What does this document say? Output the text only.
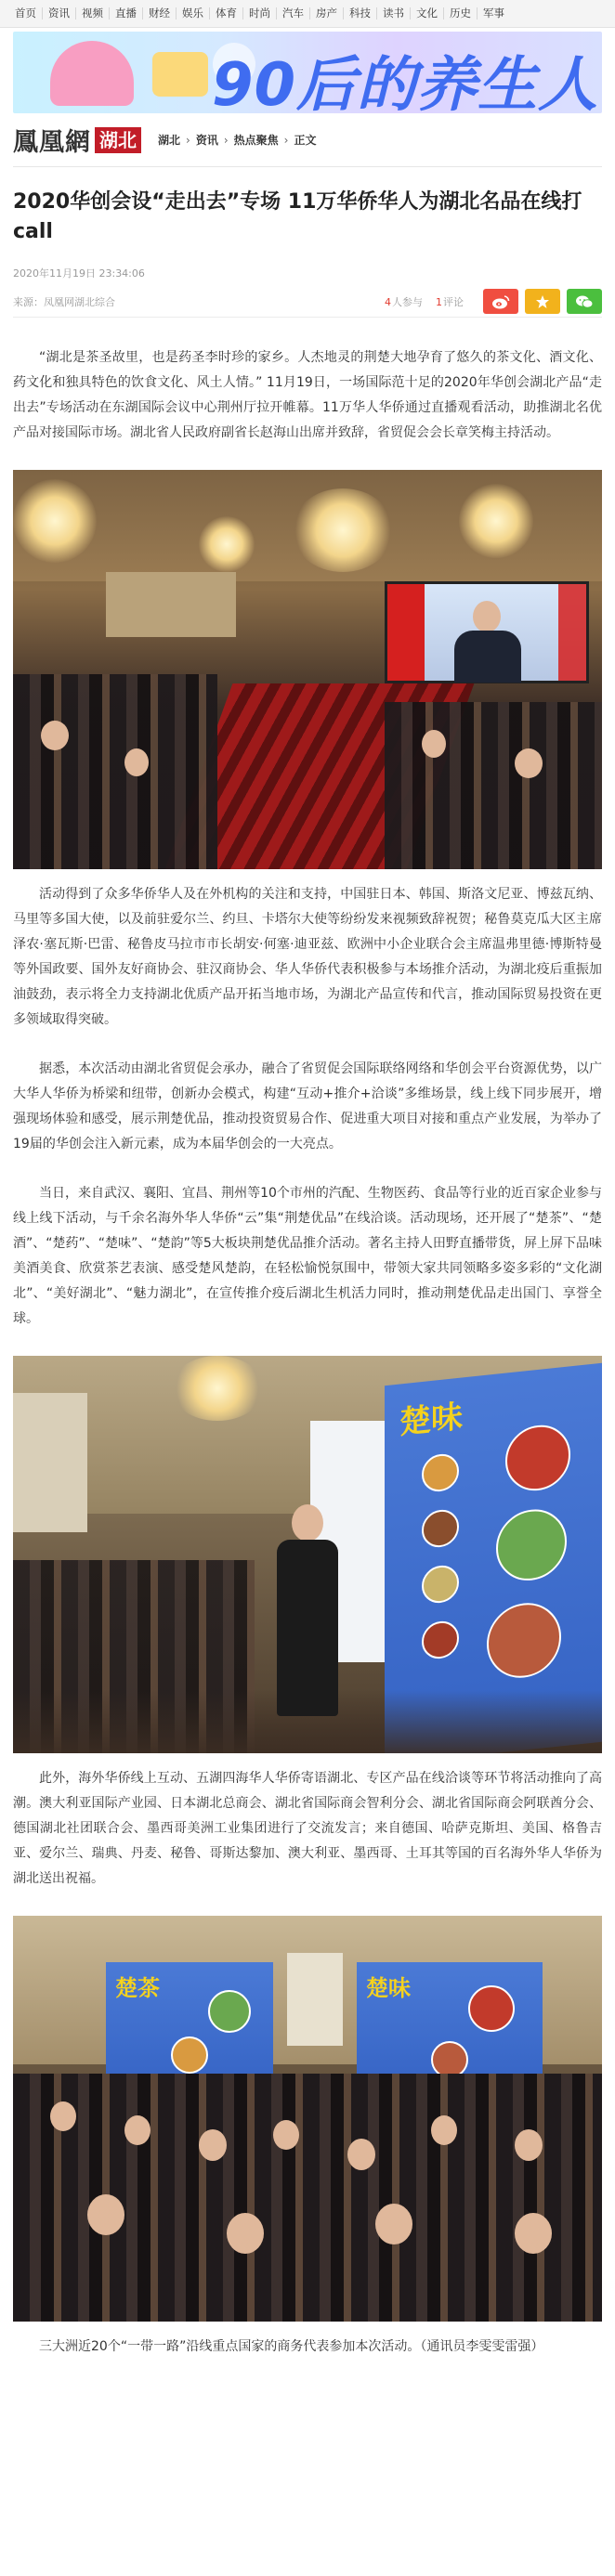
首页	资讯	视频	直播	财经	娱乐	体育	时尚	汽车	房产	科技	读书	文化	历史	军事
90后的养生人
鳳凰網 湖北	湖北 › 资讯 › 热点聚焦 › 正文
2020华创会设“走出去”专场 11万华侨华人为湖北名品在线打call
2020年11月19日 23:34:06
来源：凤凰网湖北综合	4人参与 1评论

“湖北是茶圣故里，也是药圣李时珍的家乡。人杰地灵的荆楚大地孕育了悠久的茶文化、酒文化、药文化和独具特色的饮食文化、风土人情。” 11月19日，一场国际范十足的2020年华创会湖北产品“走出去”专场活动在东湖国际会议中心荆州厅拉开帷幕。11万华人华侨通过直播观看活动，助推湖北名优产品对接国际市场。湖北省人民政府副省长赵海山出席并致辞，省贸促会会长章笑梅主持活动。

活动得到了众多华侨华人及在外机构的关注和支持，中国驻日本、韩国、斯洛文尼亚、博兹瓦纳、马里等多国大使，以及前驻爱尔兰、约旦、卡塔尔大使等纷纷发来视频致辞祝贺；秘鲁莫克瓜大区主席泽农·塞瓦斯·巴雷、秘鲁皮马拉市市长胡安·何塞·迪亚兹、欧洲中小企业联合会主席温弗里德·博斯特曼等外国政要、国外友好商协会、驻汉商协会、华人华侨代表积极参与本场推介活动，为湖北疫后重振加油鼓劲，表示将全力支持湖北优质产品开拓当地市场，为湖北产品宣传和代言，推动国际贸易投资在更多领域取得突破。

据悉，本次活动由湖北省贸促会承办，融合了省贸促会国际联络网络和华创会平台资源优势，以广大华人华侨为桥梁和纽带，创新办会模式，构建“互动+推介+洽谈”多维场景，线上线下同步展开，增强现场体验和感受，展示荆楚优品，推动投资贸易合作、促进重大项目对接和重点产业发展，为举办了19届的华创会注入新元素，成为本届华创会的一大亮点。

当日，来自武汉、襄阳、宜昌、荆州等10个市州的汽配、生物医药、食品等行业的近百家企业参与线上线下活动，与千余名海外华人华侨“云”集“荆楚优品”在线洽谈。活动现场，还开展了“楚茶”、“楚酒”、“楚药”、“楚味”、“楚韵”等5大板块荆楚优品推介活动。著名主持人田野直播带货，屏上屏下品味美酒美食、欣赏茶艺表演、感受楚风楚韵，在轻松愉悦氛围中，带领大家共同领略多姿多彩的“文化湖北”、“美好湖北”、“魅力湖北”，在宣传推介疫后湖北生机活力同时，推动荆楚优品走出国门、享誉全球。

楚味

此外，海外华侨线上互动、五湖四海华人华侨寄语湖北、专区产品在线洽谈等环节将活动推向了高潮。澳大利亚国际产业园、日本湖北总商会、湖北省国际商会智利分会、湖北省国际商会阿联酋分会、德国湖北社团联合会、墨西哥美洲工业集团进行了交流发言；来自德国、哈萨克斯坦、美国、格鲁吉亚、爱尔兰、瑞典、丹麦、秘鲁、哥斯达黎加、澳大利亚、墨西哥、土耳其等国的百名海外华人华侨为湖北送出祝福。

楚茶	楚味

三大洲近20个“一带一路”沿线重点国家的商务代表参加本次活动。（通讯员李雯雯雷强）
